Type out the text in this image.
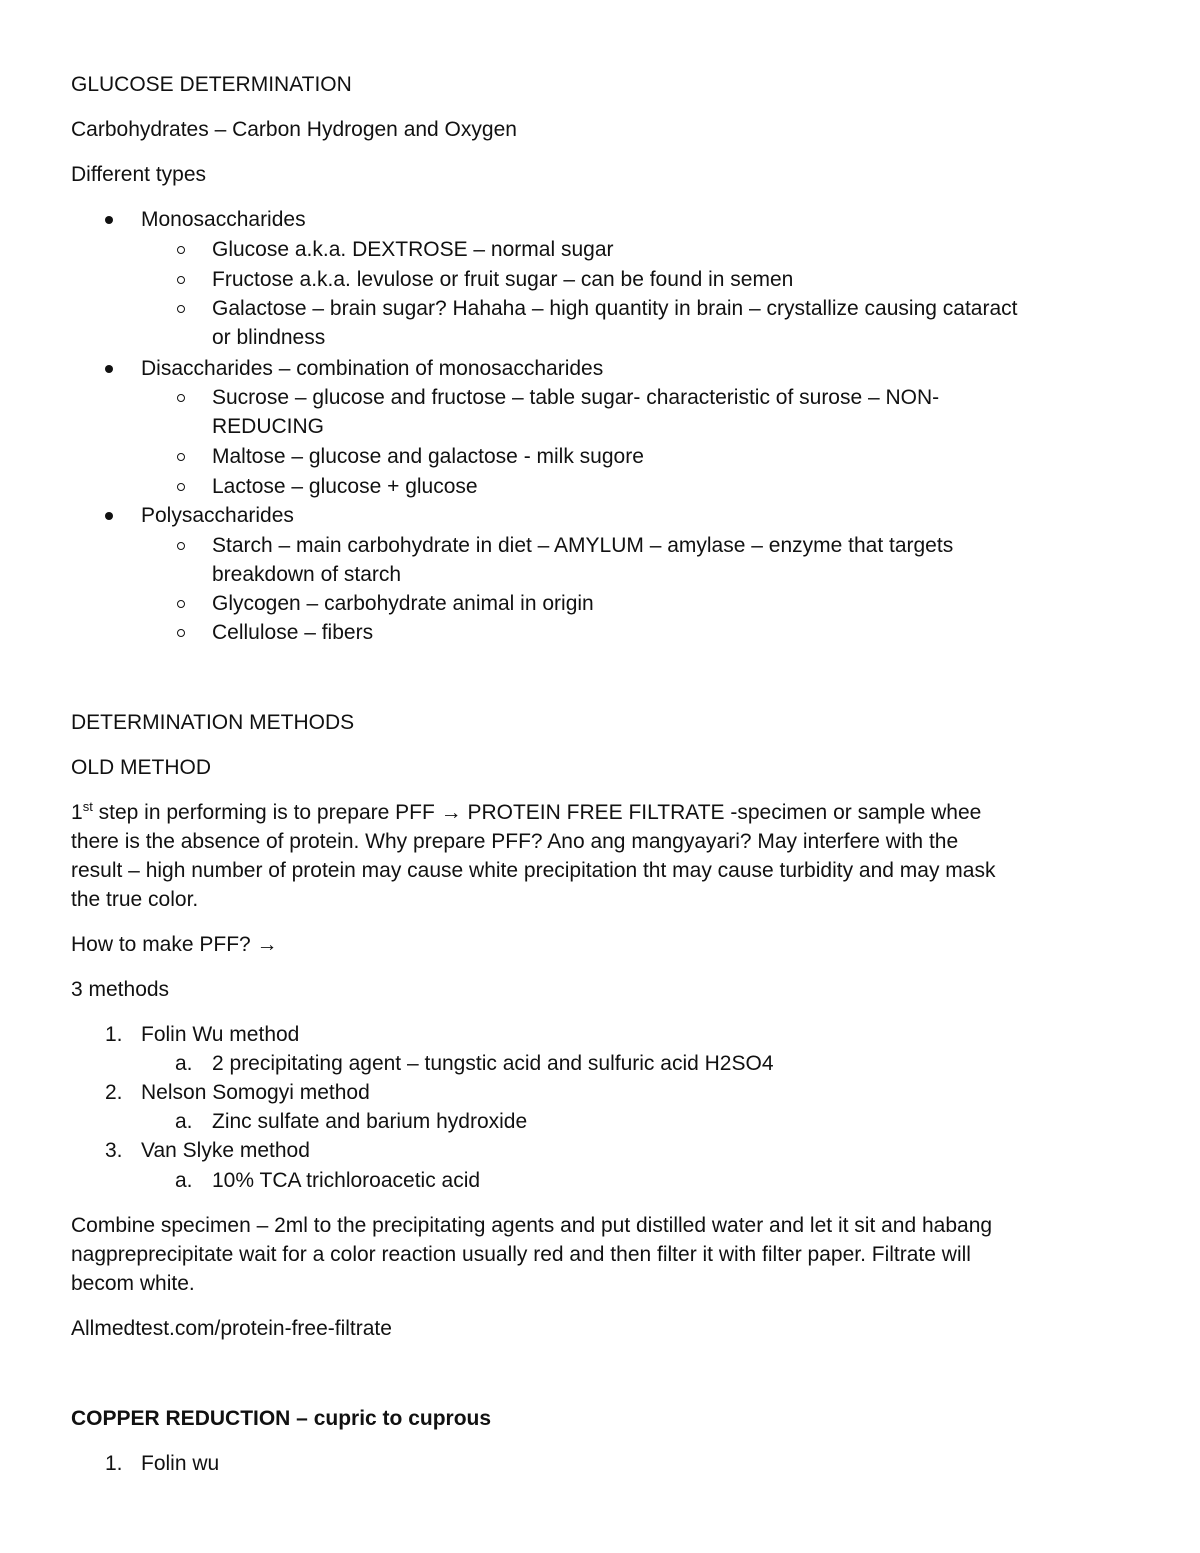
GLUCOSE DETERMINATION
Carbohydrates – Carbon Hydrogen and Oxygen
Different types
Monosaccharides
Glucose a.k.a. DEXTROSE – normal sugar
Fructose a.k.a. levulose or fruit sugar – can be found in semen
Galactose – brain sugar? Hahaha – high quantity in brain – crystallize causing cataract
or blindness
Disaccharides – combination of monosaccharides
Sucrose – glucose and fructose – table sugar- characteristic of surose – NON-
REDUCING
Maltose – glucose and galactose - milk sugore
Lactose – glucose + glucose
Polysaccharides
Starch – main carbohydrate in diet – AMYLUM – amylase – enzyme that targets
breakdown of starch
Glycogen – carbohydrate animal in origin
Cellulose – fibers
DETERMINATION METHODS
OLD METHOD
1st step in performing is to prepare PFF → PROTEIN FREE FILTRATE -specimen or sample whee
there is the absence of protein. Why prepare PFF? Ano ang mangyayari? May interfere with the
result – high number of protein may cause white precipitation tht may cause turbidity and may mask
the true color.
How to make PFF? →
3 methods
1. Folin Wu method
a. 2 precipitating agent – tungstic acid and sulfuric acid H2SO4
2. Nelson Somogyi method
a. Zinc sulfate and barium hydroxide
3. Van Slyke method
a. 10% TCA trichloroacetic acid
Combine specimen – 2ml to the precipitating agents and put distilled water and let it sit and habang
nagpreprecipitate wait for a color reaction usually red and then filter it with filter paper. Filtrate will
becom white.
Allmedtest.com/protein-free-filtrate
COPPER REDUCTION – cupric to cuprous
1. Folin wu
